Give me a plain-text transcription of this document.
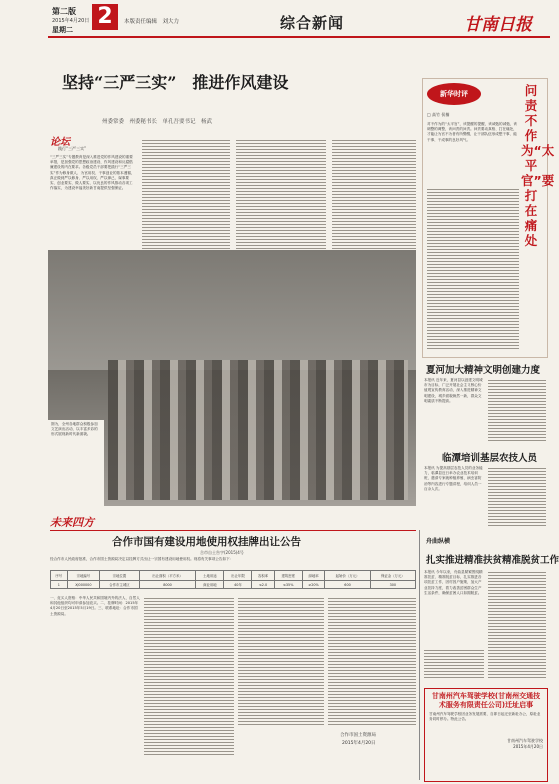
第二版
2015年4月20日
星期二
2	本版责任编辑　刘大力	综合新闻	甘南日报
坚持“三严三实”　推进作风建设
州委常委　州委秘书长　单孔吾要书记　杨武
论坛
践行“三严三实”
“三严三实”专题教育是深入推进党的作风建设的重要举措，是加强党的思想政治建设、作风建设和反腐倡廉建设的内在要求。各级党员干部要把践行“三严三实”作为修身做人、为官用权、干事创业的基本遵循，真正做到严以修身、严以用权、严以律己，谋事要实、创业要实、做人要实，以优良的作风推动各项工作落实，为建设幸福美好新甘南提供坚强保证。
新华时评	问责不作为“太平官”要打在痛处
□ 高竹 侯楠
对不作为的“太平官”，该提醒的提醒，该诫勉的诫勉，该调整的调整，该问责的问责。问责要动真格、打在痛处，才能让为官不为者有所警醒，让干部队伍形成想干事、能干事、干成事的良好风气。
图为，全州各地群众积极参加文艺演出活动，以丰富多彩的形式展现新时代新面貌。
夏河加大精神文明创建力度
本报讯 近年来，夏河县以创建文明城市为目标，广泛开展社会主义核心价值观宣传教育活动，深入推进精神文明建设，城乡面貌焕然一新，群众文明素质不断提高。
临潭培训基层农技人员
本报讯 为提高基层农技人员的业务能力，临潭县近日举办农业技术培训班，邀请专家就种植养殖、病虫害防治等内容进行专题讲授，培训人员一百余人次。
未来四方
合作市国有建设用地使用权挂牌出让公告
合市自土告字(2015)4号
经合作市人民政府批准，合作市国土资源局决定以挂牌方式出让一宗国有建设用地使用权。现将有关事项公告如下：
序号	宗地编号	宗地位置	出让面积（平方米）	土地用途	出让年限	容积率	建筑密度	绿地率	起始价（万元）	保证金（万元）
1	XJ000000	合作市主城区	8000	商业用地	40年	≤2.0	≤35%	≥20%	600	300
一、竞买人资格：中华人民共和国境内外的法人、自然人和其他组织均可申请参加竞买。二、挂牌时间：2015年4月20日至2015年5月19日。三、联系地址：合作市国土资源局。
合作市国土资源局
2015年4月20日
舟曲纵横
扎实推进精准扶贫精准脱贫工作
本报讯 今年以来，舟曲县紧紧围绕精准扶贫、精准脱贫目标，扎实推进各项扶贫工作，因村因户施策，加大产业扶持力度，着力改善贫困群众生产生活条件，确保贫困人口如期脱贫。
甘南州汽车驾驶学校(甘南州交通技术服务有限责任公司)迁址启事
甘南州汽车驾驶学校因业务发展需要，自即日起迁至新址办公，原址业务同时停办。特此公告。
甘南州汽车驾驶学校
2015年4月20日
